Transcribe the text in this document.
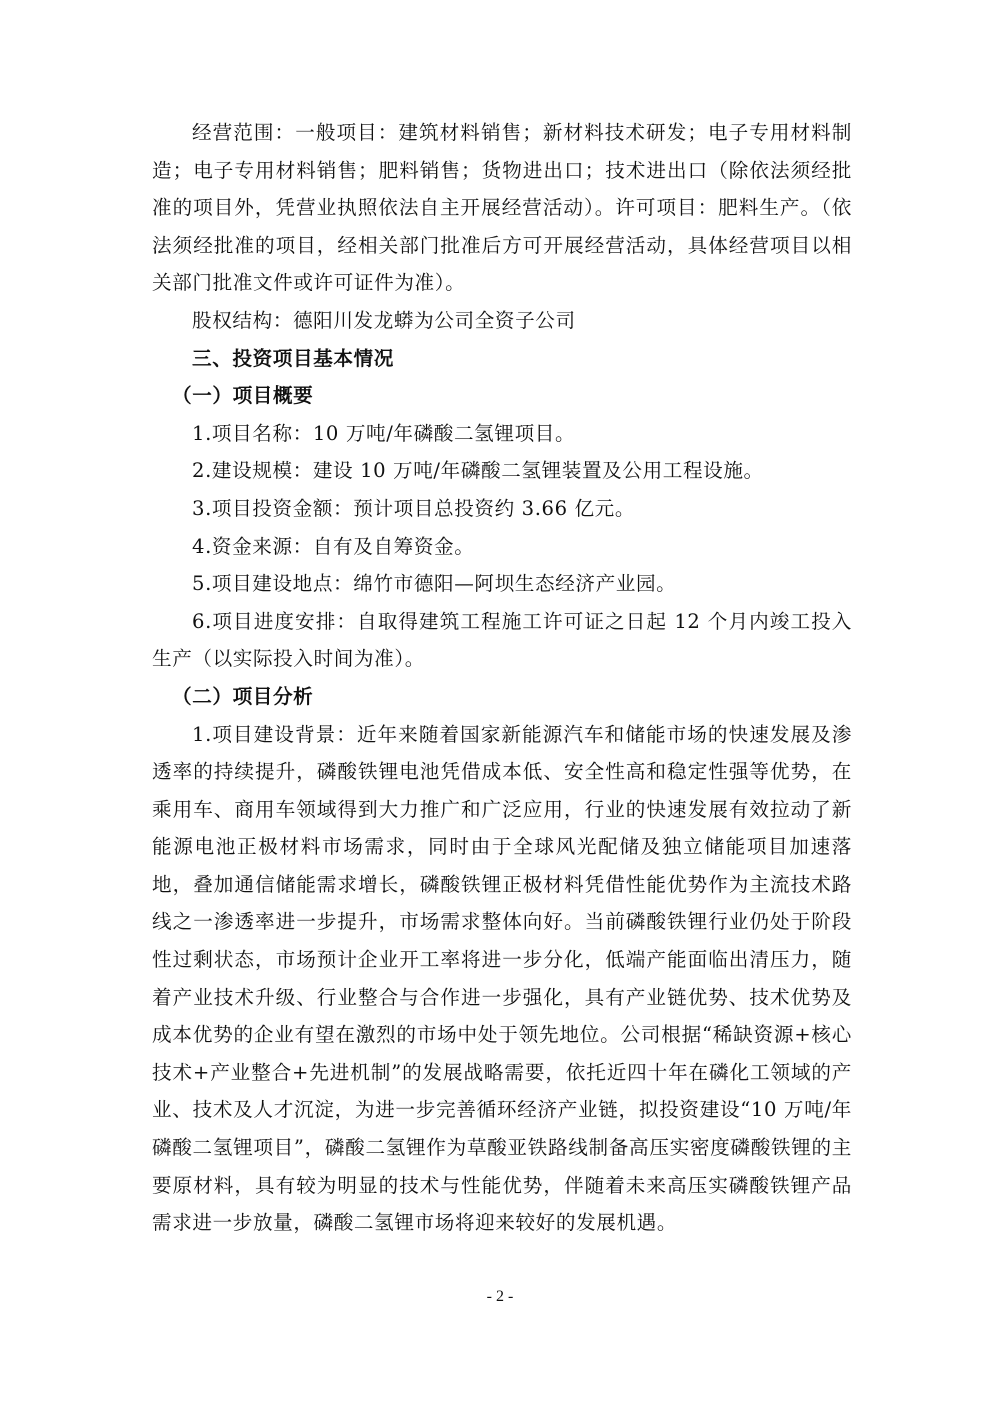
经营范围：一般项目：建筑材料销售；新材料技术研发；电子专用材料制造；电子专用材料销售；肥料销售；货物进出口；技术进出口（除依法须经批准的项目外，凭营业执照依法自主开展经营活动）。许可项目：肥料生产。（依法须经批准的项目，经相关部门批准后方可开展经营活动，具体经营项目以相关部门批准文件或许可证件为准）。

股权结构：德阳川发龙蟒为公司全资子公司

三、投资项目基本情况

（一）项目概要

1.项目名称：10 万吨/年磷酸二氢锂项目。

2.建设规模：建设 10 万吨/年磷酸二氢锂装置及公用工程设施。

3.项目投资金额：预计项目总投资约 3.66 亿元。

4.资金来源：自有及自筹资金。

5.项目建设地点：绵竹市德阳—阿坝生态经济产业园。

6.项目进度安排：自取得建筑工程施工许可证之日起 12 个月内竣工投入生产（以实际投入时间为准）。

（二）项目分析

1.项目建设背景：近年来随着国家新能源汽车和储能市场的快速发展及渗透率的持续提升，磷酸铁锂电池凭借成本低、安全性高和稳定性强等优势，在乘用车、商用车领域得到大力推广和广泛应用，行业的快速发展有效拉动了新能源电池正极材料市场需求，同时由于全球风光配储及独立储能项目加速落地，叠加通信储能需求增长，磷酸铁锂正极材料凭借性能优势作为主流技术路线之一渗透率进一步提升，市场需求整体向好。当前磷酸铁锂行业仍处于阶段性过剩状态，市场预计企业开工率将进一步分化，低端产能面临出清压力，随着产业技术升级、行业整合与合作进一步强化，具有产业链优势、技术优势及成本优势的企业有望在激烈的市场中处于领先地位。公司根据“稀缺资源+核心技术+产业整合+先进机制”的发展战略需要，依托近四十年在磷化工领域的产业、技术及人才沉淀，为进一步完善循环经济产业链，拟投资建设“10 万吨/年磷酸二氢锂项目”，磷酸二氢锂作为草酸亚铁路线制备高压实密度磷酸铁锂的主要原材料，具有较为明显的技术与性能优势，伴随着未来高压实磷酸铁锂产品需求进一步放量，磷酸二氢锂市场将迎来较好的发展机遇。

- 2 -
